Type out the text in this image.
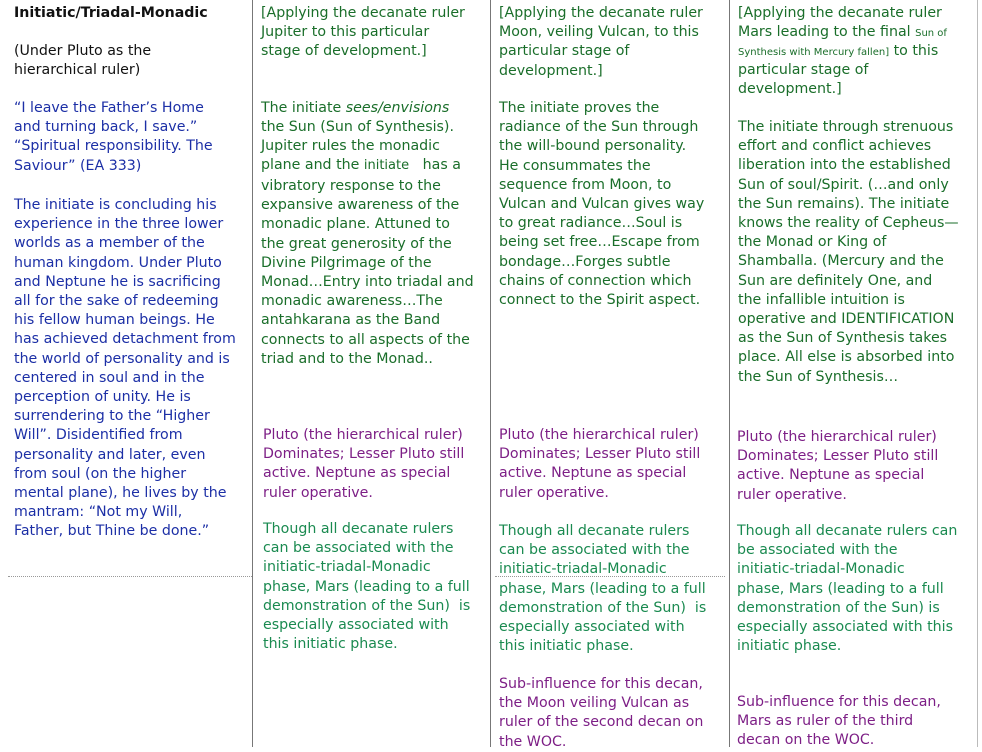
Initiatic/Triadal-Monadic
(Under Pluto as the
hierarchical ruler)
“I leave the Father’s Home
and turning back, I save.”
“Spiritual responsibility. The
Saviour” (EA 333)
The initiate is concluding his
experience in the three lower
worlds as a member of the
human kingdom. Under Pluto
and Neptune he is sacrificing
all for the sake of redeeming
his fellow human beings. He
has achieved detachment from
the world of personality and is
centered in soul and in the
perception of unity. He is
surrendering to the “Higher
Will”. Disidentified from
personality and later, even
from soul (on the higher
mental plane), he lives by the
mantram: “Not my Will,
Father, but Thine be done.”
[Applying the decanate ruler
Jupiter to this particular
stage of development.]
The initiate sees/envisions
the Sun (Sun of Synthesis).
Jupiter rules the monadic
plane and the initiate   has a
vibratory response to the
expansive awareness of the
monadic plane. Attuned to
the great generosity of the
Divine Pilgrimage of the
Monad…Entry into triadal and
monadic awareness…The
antahkarana as the Band
connects to all aspects of the
triad and to the Monad..
Pluto (the hierarchical ruler)
Dominates; Lesser Pluto still
active. Neptune as special
ruler operative.
Though all decanate rulers
can be associated with the
initiatic-triadal-Monadic
phase, Mars (leading to a full
demonstration of the Sun)  is
especially associated with
this initiatic phase.
[Applying the decanate ruler
Moon, veiling Vulcan, to this
particular stage of
development.]
The initiate proves the
radiance of the Sun through
the will-bound personality.
He consummates the
sequence from Moon, to
Vulcan and Vulcan gives way
to great radiance…Soul is
being set free…Escape from
bondage…Forges subtle
chains of connection which
connect to the Spirit aspect.
Pluto (the hierarchical ruler)
Dominates; Lesser Pluto still
active. Neptune as special
ruler operative.
Though all decanate rulers
can be associated with the
initiatic-triadal-Monadic
phase, Mars (leading to a full
demonstration of the Sun)  is
especially associated with
this initiatic phase.
Sub-influence for this decan,
the Moon veiling Vulcan as
ruler of the second decan on
the WOC.
[Applying the decanate ruler
Mars leading to the final Sun of
Synthesis with Mercury fallen] to this
particular stage of
development.]
The initiate through strenuous
effort and conflict achieves
liberation into the established
Sun of soul/Spirit. (…and only
the Sun remains). The initiate
knows the reality of Cepheus—
the Monad or King of
Shamballa. (Mercury and the
Sun are definitely One, and
the infallible intuition is
operative and IDENTIFICATION
as the Sun of Synthesis takes
place. All else is absorbed into
the Sun of Synthesis…
Pluto (the hierarchical ruler)
Dominates; Lesser Pluto still
active. Neptune as special
ruler operative.
Though all decanate rulers can
be associated with the
initiatic-triadal-Monadic
phase, Mars (leading to a full
demonstration of the Sun) is
especially associated with this
initiatic phase.
Sub-influence for this decan,
Mars as ruler of the third
decan on the WOC.
